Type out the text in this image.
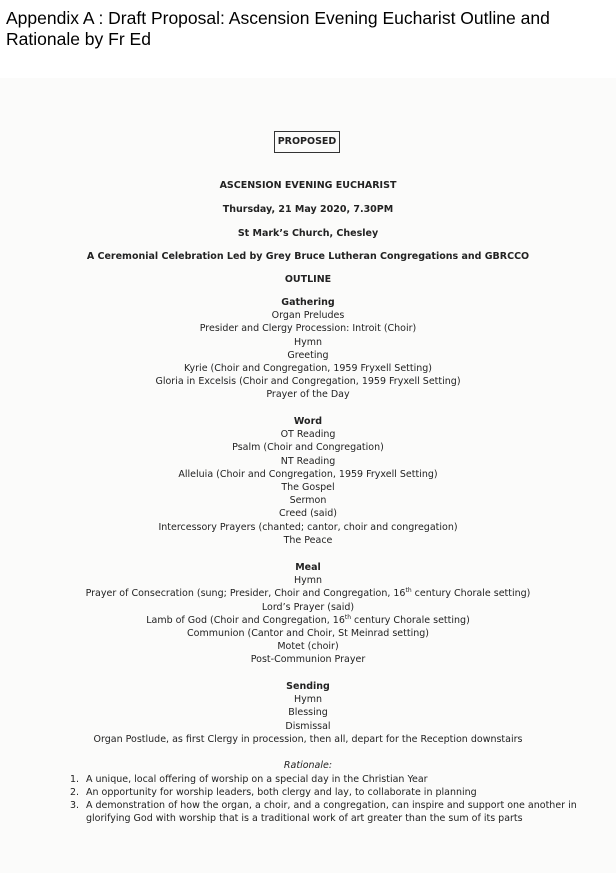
Appendix A : Draft Proposal: Ascension Evening Eucharist Outline and Rationale by Fr Ed
PROPOSED
ASCENSION EVENING EUCHARIST
Thursday, 21 May 2020, 7.30PM
St Mark’s Church, Chesley
A Ceremonial Celebration Led by Grey Bruce Lutheran Congregations and GBRCCO
OUTLINE
Gathering
Organ Preludes
Presider and Clergy Procession: Introit (Choir)
Hymn
Greeting
Kyrie (Choir and Congregation, 1959 Fryxell Setting)
Gloria in Excelsis (Choir and Congregation, 1959 Fryxell Setting)
Prayer of the Day
Word
OT Reading
Psalm (Choir and Congregation)
NT Reading
Alleluia (Choir and Congregation, 1959 Fryxell Setting)
The Gospel
Sermon
Creed (said)
Intercessory Prayers (chanted; cantor, choir and congregation)
The Peace
Meal
Hymn
Prayer of Consecration (sung; Presider, Choir and Congregation, 16th century Chorale setting)
Lord’s Prayer (said)
Lamb of God (Choir and Congregation, 16th century Chorale setting)
Communion (Cantor and Choir, St Meinrad setting)
Motet (choir)
Post-Communion Prayer
Sending
Hymn
Blessing
Dismissal
Organ Postlude, as first Clergy in procession, then all, depart for the Reception downstairs
Rationale:
1. A unique, local offering of worship on a special day in the Christian Year
2. An opportunity for worship leaders, both clergy and lay, to collaborate in planning
3. A demonstration of how the organ, a choir, and a congregation, can inspire and support one another in glorifying God with worship that is a traditional work of art greater than the sum of its parts
